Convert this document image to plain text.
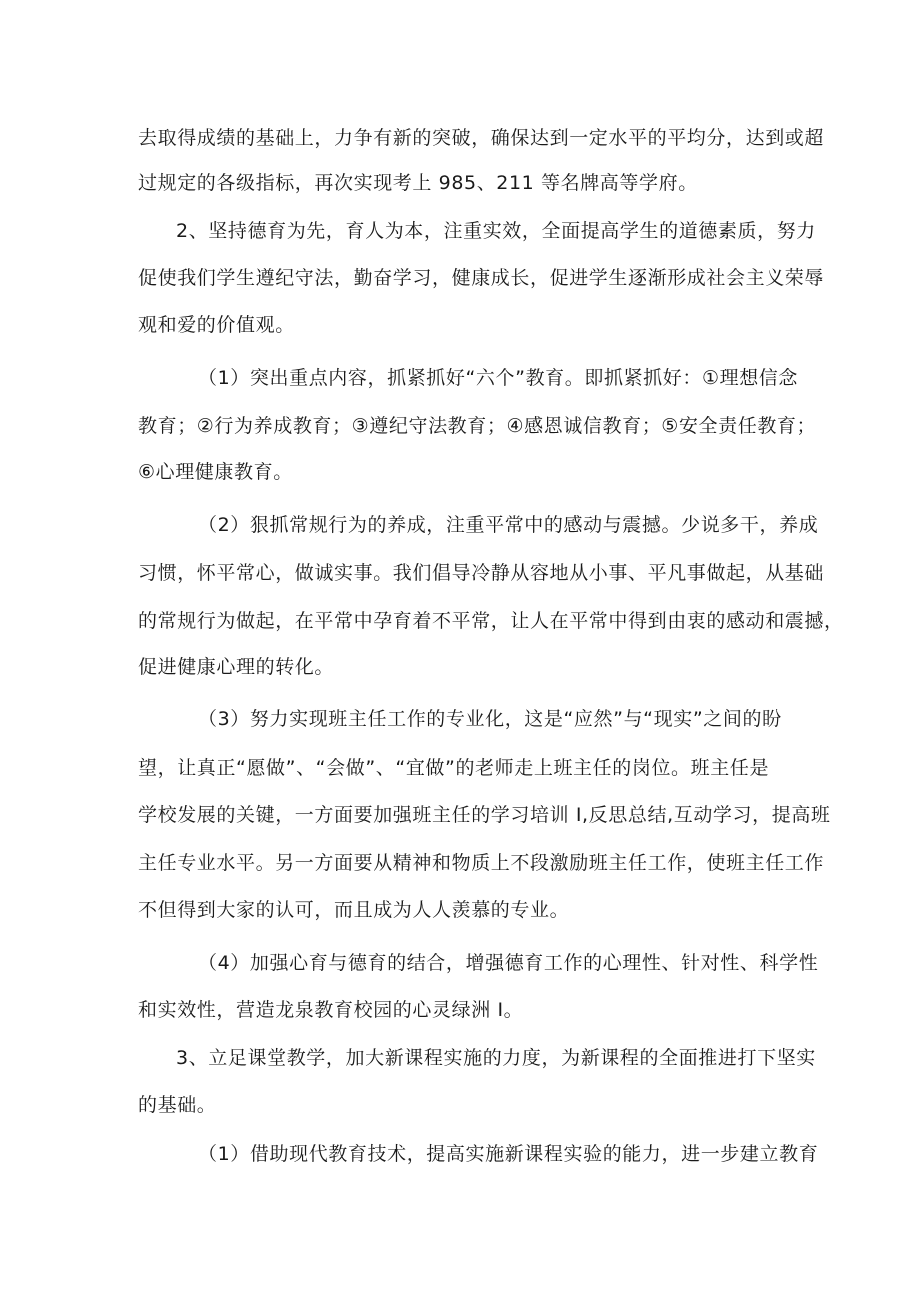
去取得成绩的基础上，力争有新的突破，确保达到一定水平的平均分，达到或超
过规定的各级指标，再次实现考上 985、211 等名牌高等学府。
2、坚持德育为先，育人为本，注重实效，全面提高学生的道德素质，努力
促使我们学生遵纪守法，勤奋学习，健康成长，促进学生逐渐形成社会主义荣辱
观和爱的价值观。
（1）突出重点内容，抓紧抓好“六个”教育。即抓紧抓好：①理想信念
教育；②行为养成教育；③遵纪守法教育；④感恩诚信教育；⑤安全责任教育；
⑥心理健康教育。
（2）狠抓常规行为的养成，注重平常中的感动与震撼。少说多干，养成
习惯，怀平常心，做诚实事。我们倡导冷静从容地从小事、平凡事做起，从基础
的常规行为做起，在平常中孕育着不平常，让人在平常中得到由衷的感动和震撼，
促进健康心理的转化。
（3）努力实现班主任工作的专业化，这是“应然”与“现实”之间的盼
望，让真正“愿做”、“会做”、“宜做”的老师走上班主任的岗位。班主任是
学校发展的关键，一方面要加强班主任的学习培训 I,反思总结,互动学习，提高班
主任专业水平。另一方面要从精神和物质上不段激励班主任工作，使班主任工作
不但得到大家的认可，而且成为人人羡慕的专业。
（4）加强心育与德育的结合，增强德育工作的心理性、针对性、科学性
和实效性，营造龙泉教育校园的心灵绿洲 I。
3、立足课堂教学，加大新课程实施的力度，为新课程的全面推进打下坚实
的基础。
（1）借助现代教育技术，提高实施新课程实验的能力，进一步建立教育
